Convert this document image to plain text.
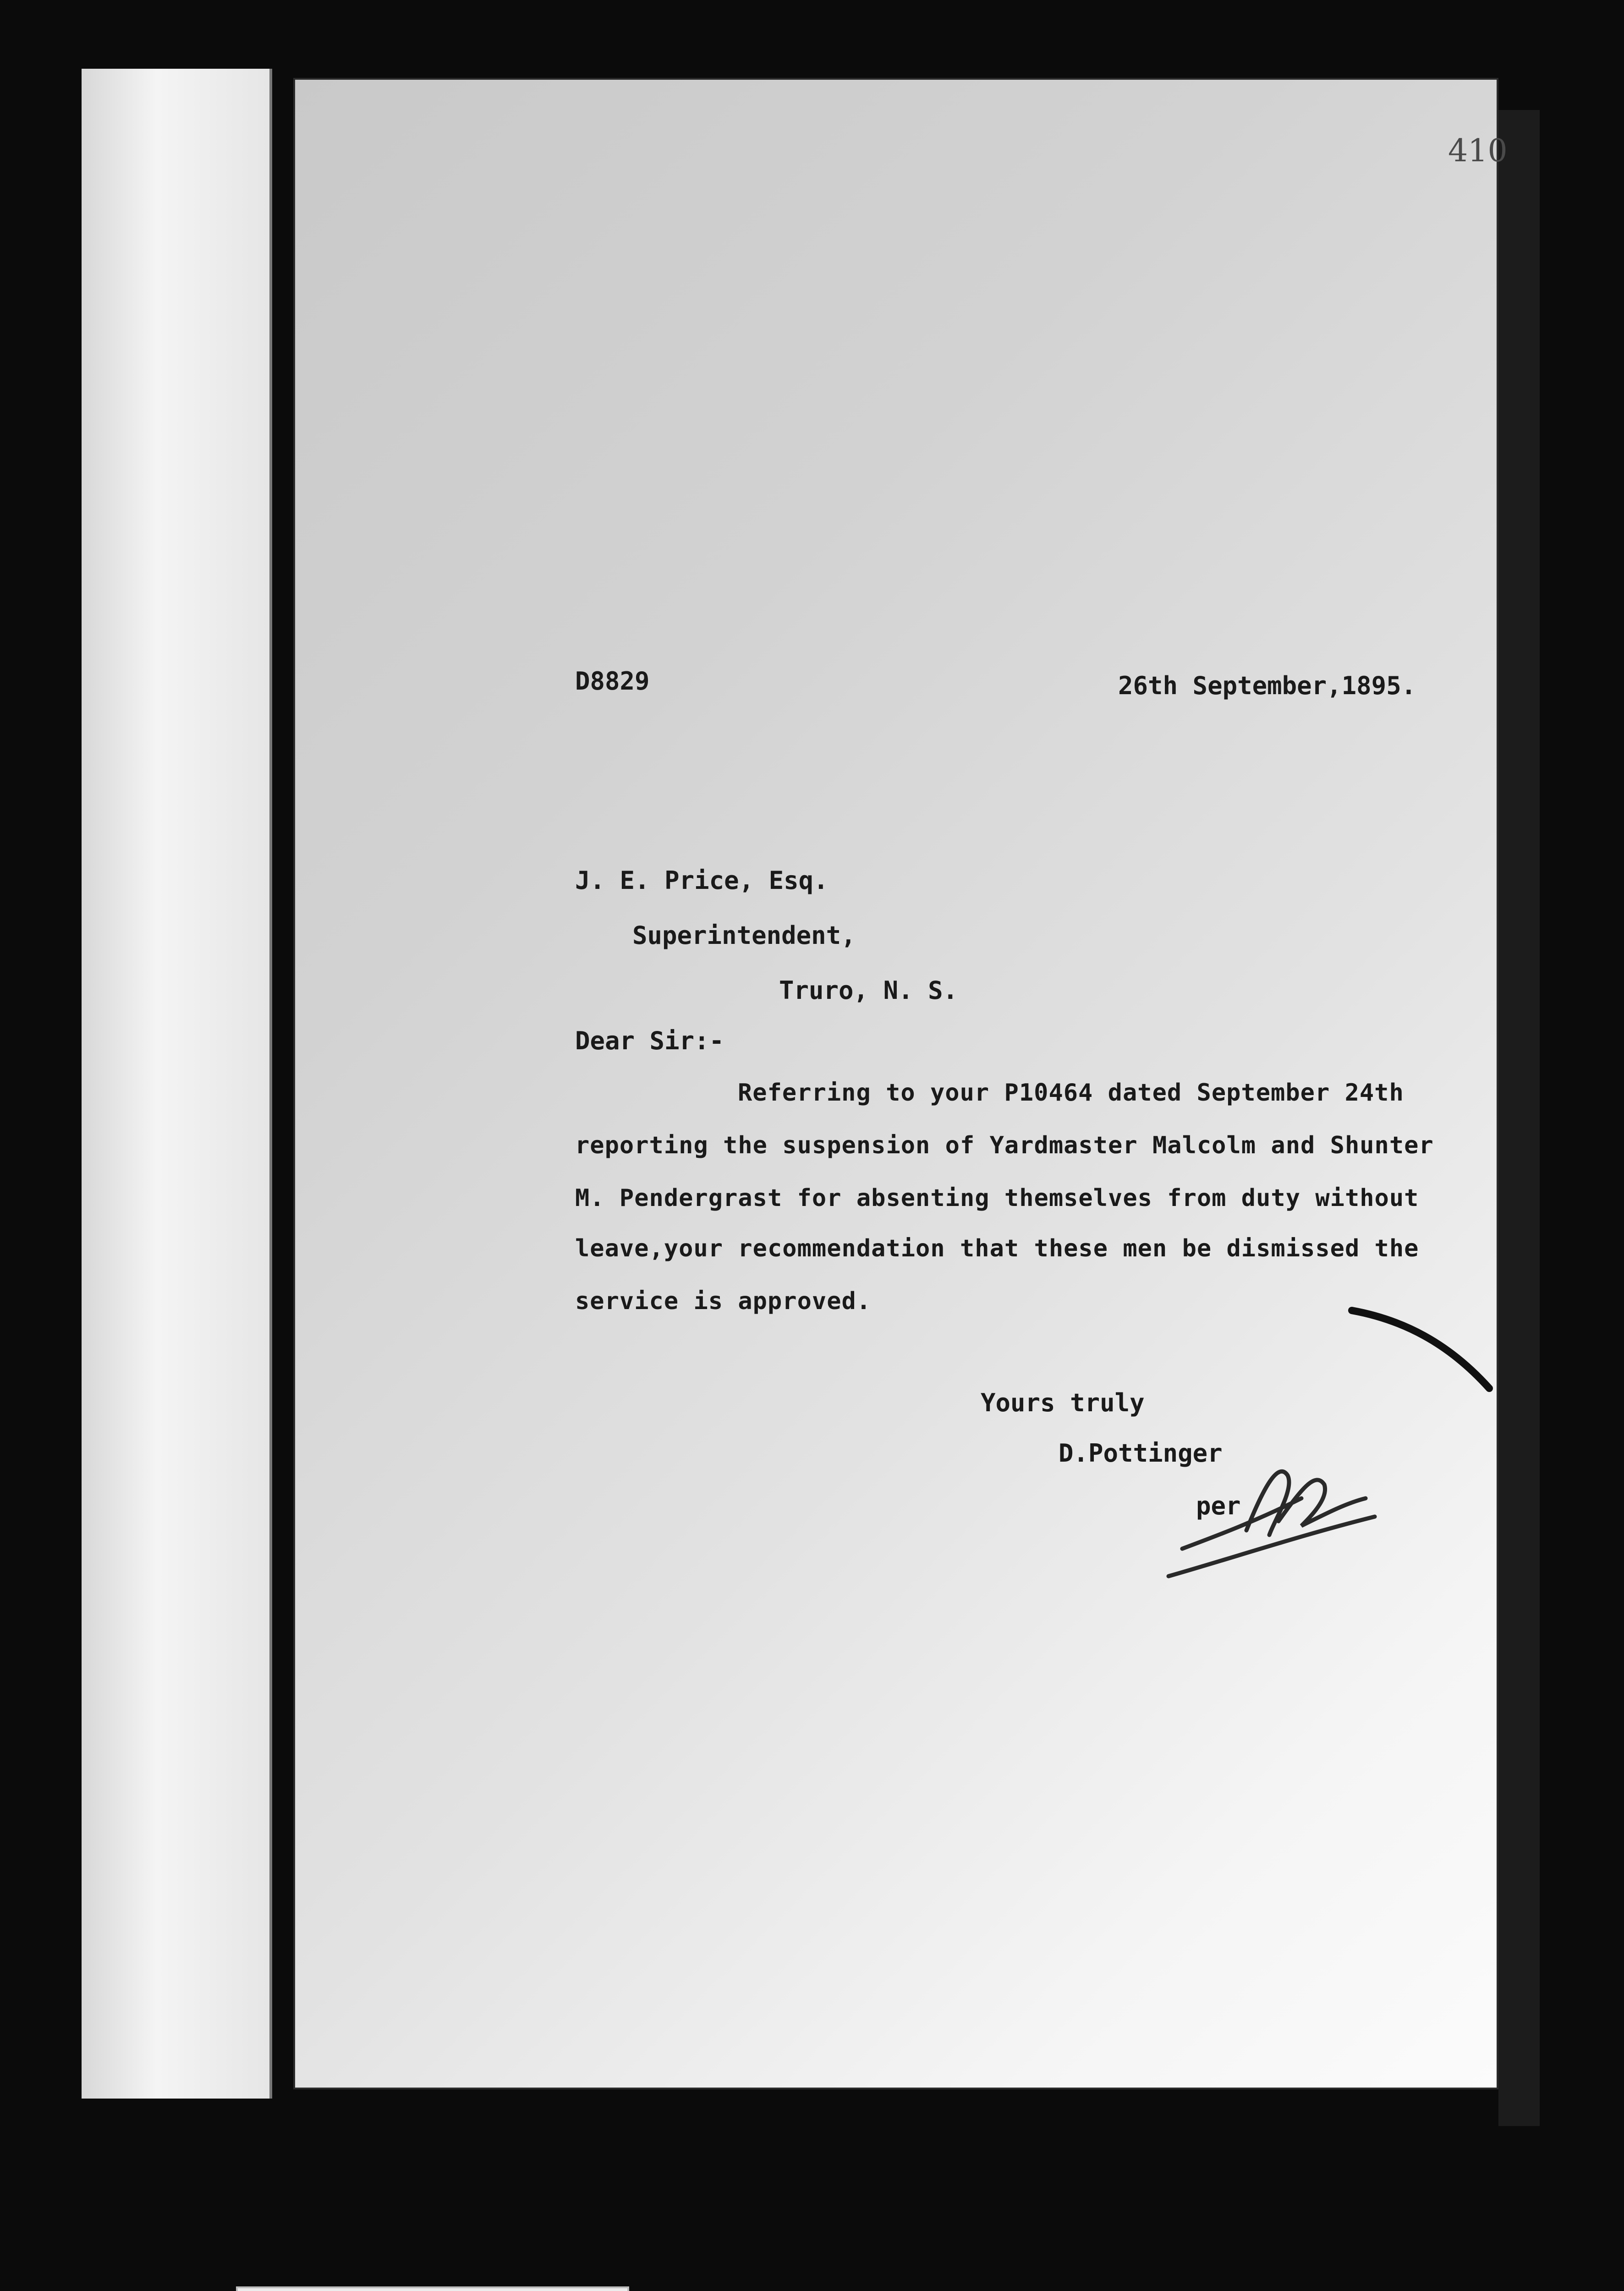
410
D8829	26th September,1895.
J. E. Price, Esq.
Superintendent,
Truro, N. S.
Dear Sir:-
Referring to your P10464 dated September 24th
reporting the suspension of Yardmaster Malcolm and Shunter
M. Pendergrast for absenting themselves from duty without
leave,your recommendation that these men be dismissed the
service is approved.
Yours truly
D.Pottinger
per
